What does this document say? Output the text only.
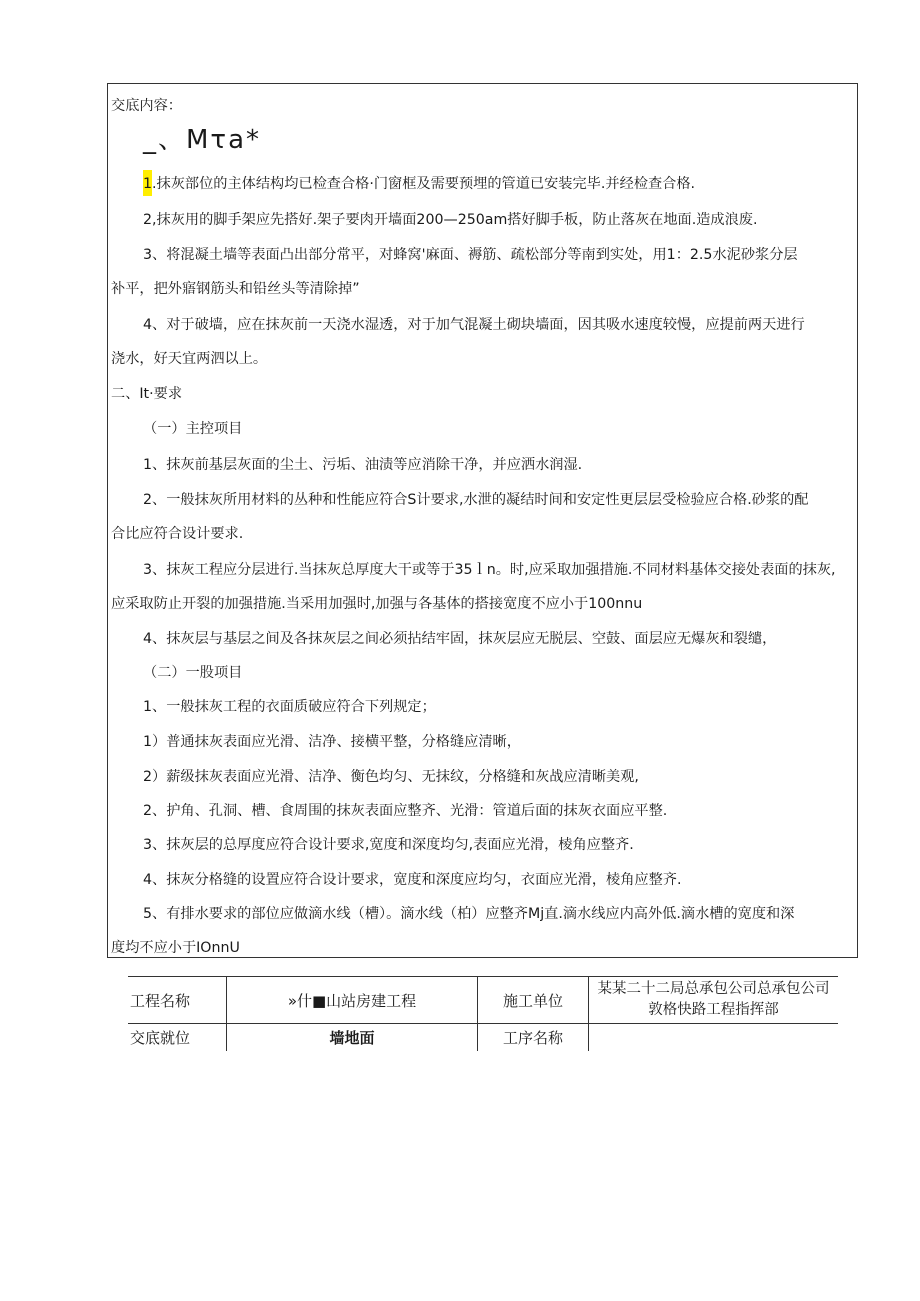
交底内容：
_、Mτa*
1.抹灰部位的主体结构均已检查合格·门窗框及需要预埋的管道已安装完毕.并经检查合格.
2,抹灰用的脚手架应先搭好.架子要肉开墙面200—250am搭好脚手板，防止落灰在地面.造成浪废.
3、将混凝土墙等表面凸出部分常平，对蜂窝'麻面、褥筋、疏松部分等南到实处，用1：2.5水泥砂浆分层
补平，把外寤钢筋头和铅丝头等清除掉”
4、对于破墙，应在抹灰前一天浇水湿透，对于加气混凝土砌块墙面，因其吸水速度较慢，应提前两天进行
浇水，好天宜两泗以上。
二、It·要求
（一）主控项目
1、抹灰前基层灰面的尘土、污垢、油渍等应消除干净，并应洒水润湿.
2、一般抹灰所用材料的丛种和性能应符合S计要求,水泄的凝结时间和安定性更层层受检验应合格.砂浆的配
合比应符合设计要求.
3、抹灰工程应分层进行.当抹灰总厚度大干或等于35ｌn。时,应采取加强措施.不同材料基体交接处表面的抹灰,
应采取防止开裂的加强措施.当采用加强时,加强与各基体的搭接宽度不应小于100nnu
4、抹灰层与基层之间及各抹灰层之间必须拈结牢固，抹灰层应无脱层、空鼓、面层应无爆灰和裂缱，
（二）一股项目
1、一般抹灰工程的衣面质破应符合下列规定；
1）普通抹灰表面应光滑、洁净、接横平整，分格缝应清晰，
2）薪级抹灰表面应光滑、洁净、衡色均匀、无抹纹，分格缝和灰战应清晰美观,
2、护角、孔洞、槽、食周围的抹灰表面应整齐、光滑：管道后面的抹灰衣面应平整.
3、抹灰层的总厚度应符合设计要求,宽度和深度均匀,表面应光滑，棱角应整齐.
4、抹灰分格缝的设置应符合设计要求，宽度和深度应均匀，衣面应光滑，棱角应整齐.
5、有排水要求的部位应做滴水线（槽）。滴水线（柏）应整齐Mj直.滴水线应内高外低.滴水槽的宽度和深
度均不应小于IOnnU
工程名称	»什■山站房建工程	施工单位	某某二十二局总承包公司总承包公司
敦格快路工程指挥部

交底就位	墙地面	工序名称	
